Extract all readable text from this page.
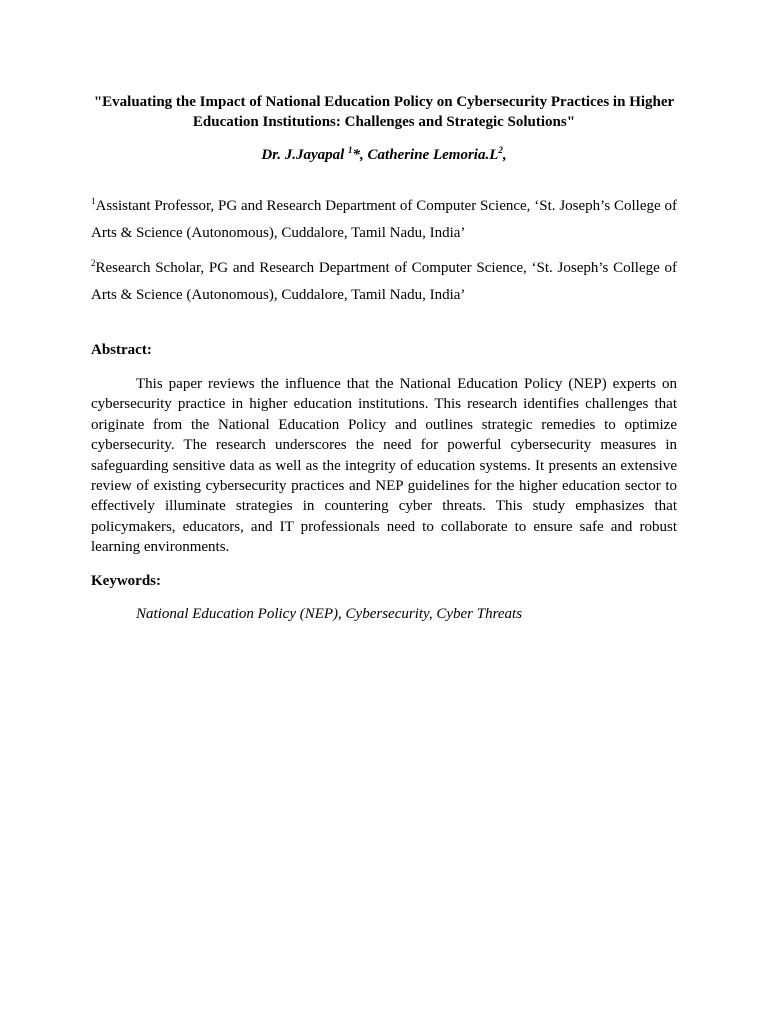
"Evaluating the Impact of National Education Policy on Cybersecurity Practices in Higher Education Institutions: Challenges and Strategic Solutions"

Dr. J.Jayapal $^1$*, Catherine $Lemoria.L^2$,

$^1$Assistant Professor, PG and Research Department of Computer Science, ‘St. Joseph’s College of Arts & Science (Autonomous), Cuddalore, Tamil Nadu, India’

$^2$Research Scholar, PG and Research Department of Computer Science, ‘St. Joseph’s College of Arts & Science (Autonomous), Cuddalore, Tamil Nadu, India’

Abstract:

This paper reviews the influence that the National Education Policy (NEP) experts on cybersecurity practice in higher education institutions. This research identifies challenges that originate from the National Education Policy and outlines strategic remedies to optimize cybersecurity. The research underscores the need for powerful cybersecurity measures in safeguarding sensitive data as well as the integrity of education systems. It presents an extensive review of existing cybersecurity practices and NEP guidelines for the higher education sector to effectively illuminate strategies in countering cyber threats. This study emphasizes that policymakers, educators, and IT professionals need to collaborate to ensure safe and robust learning environments.

Keywords:

National Education Policy (NEP), Cybersecurity, Cyber Threats
